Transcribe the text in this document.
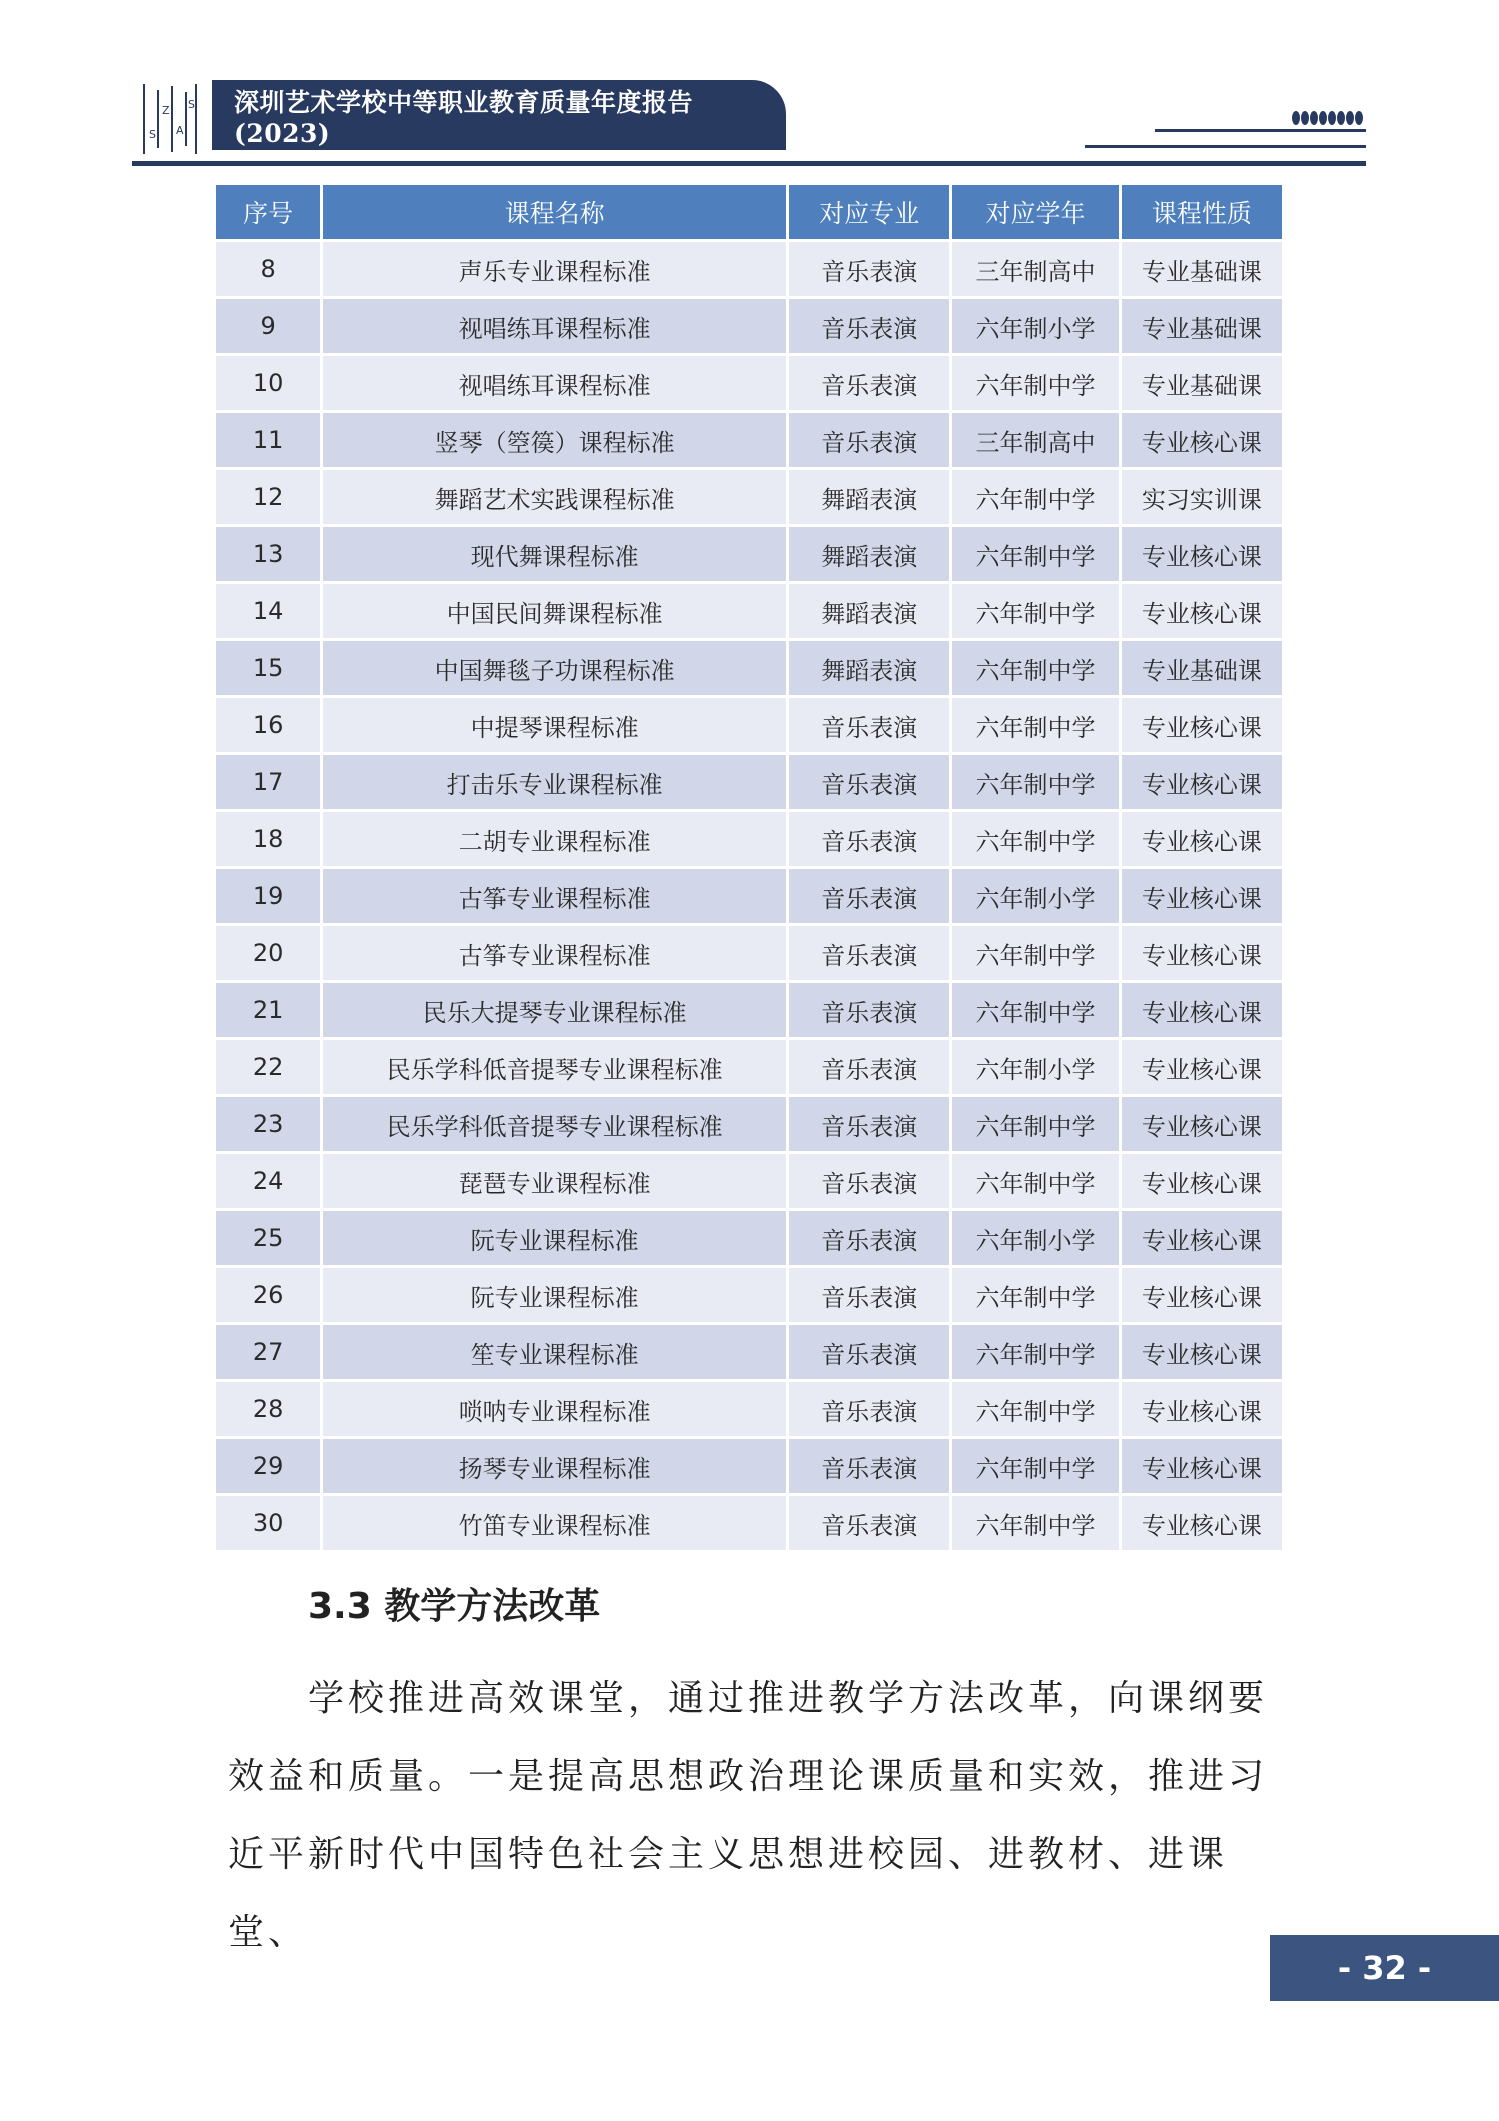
S
Z
A
S 深圳艺术学校中等职业教育质量年度报告(2023)
序号	课程名称	对应专业	对应学年	课程性质
8	声乐专业课程标准	音乐表演	三年制高中	专业基础课
9	视唱练耳课程标准	音乐表演	六年制小学	专业基础课
10	视唱练耳课程标准	音乐表演	六年制中学	专业基础课
11	竖琴（箜篌）课程标准	音乐表演	三年制高中	专业核心课
12	舞蹈艺术实践课程标准	舞蹈表演	六年制中学	实习实训课
13	现代舞课程标准	舞蹈表演	六年制中学	专业核心课
14	中国民间舞课程标准	舞蹈表演	六年制中学	专业核心课
15	中国舞毯子功课程标准	舞蹈表演	六年制中学	专业基础课
16	中提琴课程标准	音乐表演	六年制中学	专业核心课
17	打击乐专业课程标准	音乐表演	六年制中学	专业核心课
18	二胡专业课程标准	音乐表演	六年制中学	专业核心课
19	古筝专业课程标准	音乐表演	六年制小学	专业核心课
20	古筝专业课程标准	音乐表演	六年制中学	专业核心课
21	民乐大提琴专业课程标准	音乐表演	六年制中学	专业核心课
22	民乐学科低音提琴专业课程标准	音乐表演	六年制小学	专业核心课
23	民乐学科低音提琴专业课程标准	音乐表演	六年制中学	专业核心课
24	琵琶专业课程标准	音乐表演	六年制中学	专业核心课
25	阮专业课程标准	音乐表演	六年制小学	专业核心课
26	阮专业课程标准	音乐表演	六年制中学	专业核心课
27	笙专业课程标准	音乐表演	六年制中学	专业核心课
28	唢呐专业课程标准	音乐表演	六年制中学	专业核心课
29	扬琴专业课程标准	音乐表演	六年制中学	专业核心课
30	竹笛专业课程标准	音乐表演	六年制中学	专业核心课
3.3 教学方法改革

学校推进高效课堂，通过推进教学方法改革，向课纲要效益和质量。一是提高思想政治理论课质量和实效，推进习近平新时代中国特色社会主义思想进校园、进教材、进课堂、

- 32 -
